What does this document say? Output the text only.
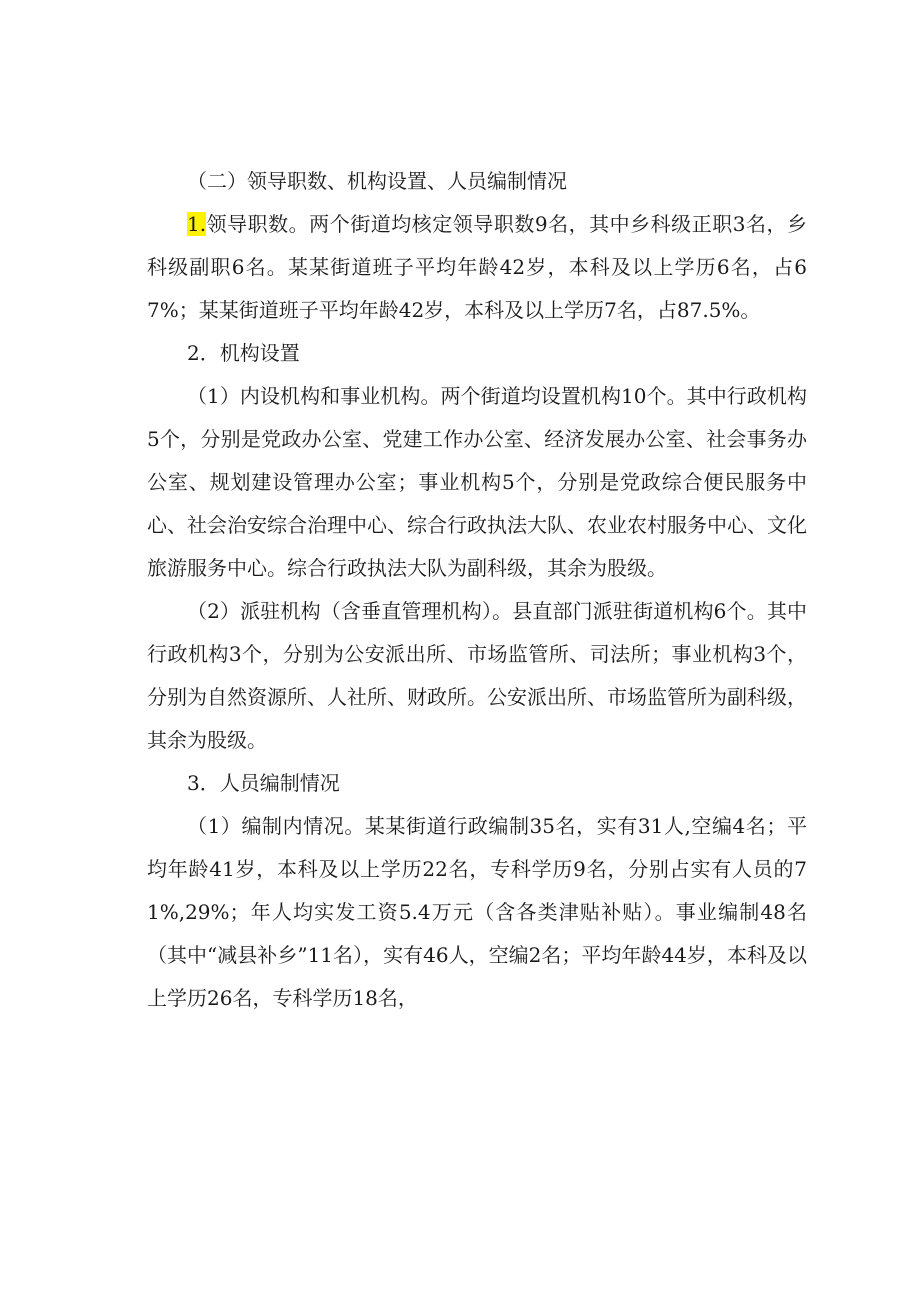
（二）领导职数、机构设置、人员编制情况

1.领导职数。两个街道均核定领导职数9名，其中乡科级正职3名，乡科级副职6名。某某街道班子平均年龄42岁，本科及以上学历6名，占67%；某某街道班子平均年龄42岁，本科及以上学历7名，占87.5%。

2．机构设置

（1）内设机构和事业机构。两个街道均设置机构10个。其中行政机构5个，分别是党政办公室、党建工作办公室、经济发展办公室、社会事务办公室、规划建设管理办公室；事业机构5个，分别是党政综合便民服务中心、社会治安综合治理中心、综合行政执法大队、农业农村服务中心、文化旅游服务中心。综合行政执法大队为副科级，其余为股级。

（2）派驻机构（含垂直管理机构）。县直部门派驻街道机构6个。其中行政机构3个，分别为公安派出所、市场监管所、司法所；事业机构3个，分别为自然资源所、人社所、财政所。公安派出所、市场监管所为副科级，其余为股级。

3．人员编制情况

（1）编制内情况。某某街道行政编制35名，实有31人,空编4名；平均年龄41岁，本科及以上学历22名，专科学历9名，分别占实有人员的71%,29%；年人均实发工资5.4万元（含各类津贴补贴）。事业编制48名（其中“减县补乡”11名），实有46人，空编2名；平均年龄44岁，本科及以上学历26名，专科学历18名，
